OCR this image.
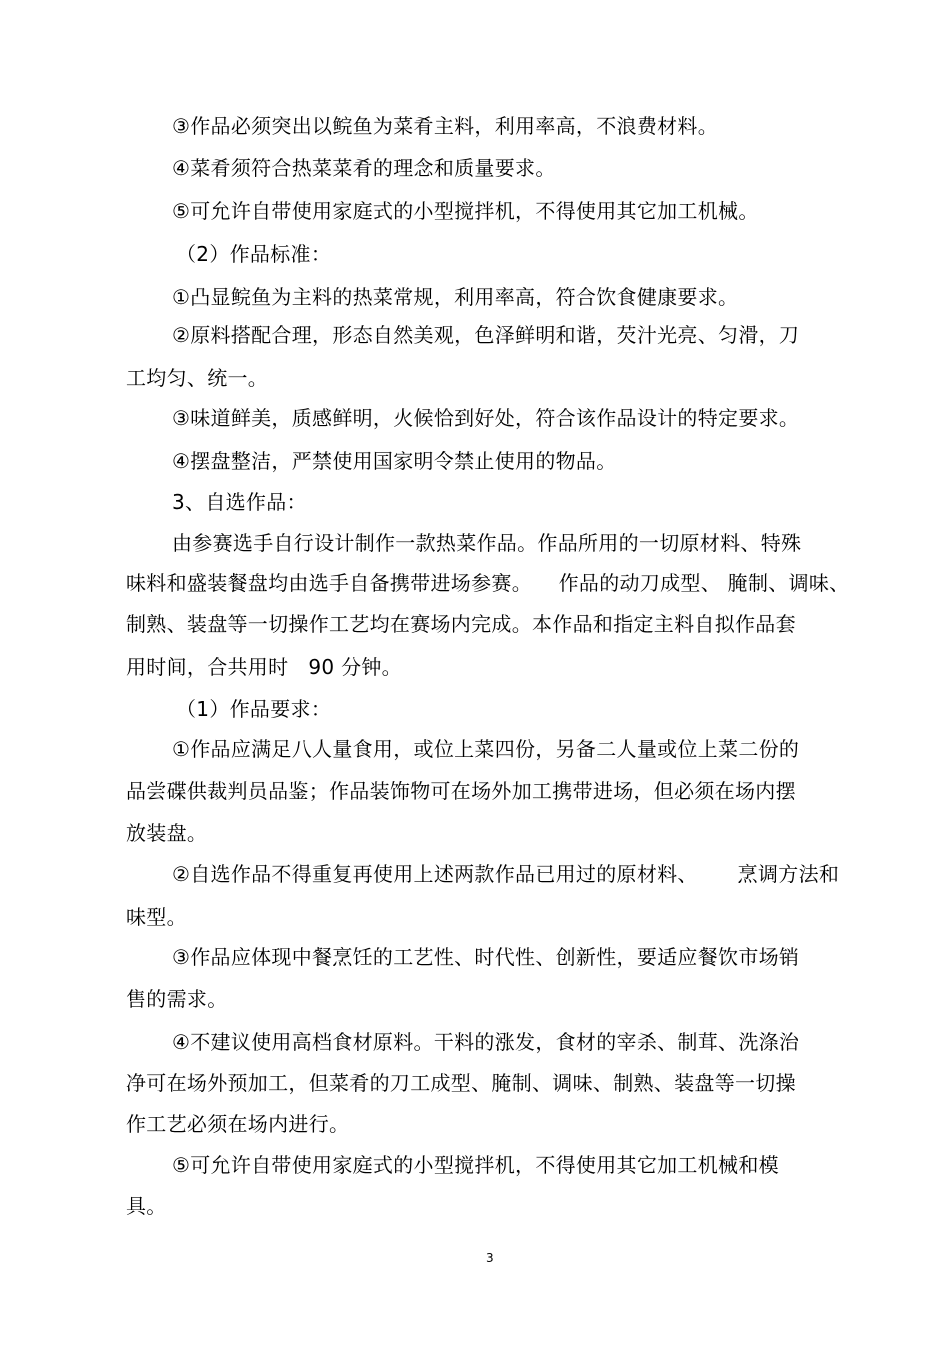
③作品必须突出以鲩鱼为菜肴主料，利用率高，不浪费材料。
④菜肴须符合热菜菜肴的理念和质量要求。
⑤可允许自带使用家庭式的小型搅拌机，不得使用其它加工机械。
（2）作品标准：
①凸显鲩鱼为主料的热菜常规，利用率高，符合饮食健康要求。
②原料搭配合理，形态自然美观，色泽鲜明和谐，芡汁光亮、匀滑，刀
工均匀、统一。
③味道鲜美，质感鲜明，火候恰到好处，符合该作品设计的特定要求。
④摆盘整洁，严禁使用国家明令禁止使用的物品。
3、自选作品：
由参赛选手自行设计制作一款热菜作品。作品所用的一切原材料、特殊
味料和盛装餐盘均由选手自备携带进场参赛。    作品的动刀成型、 腌制、调味、
制熟、装盘等一切操作工艺均在赛场内完成。本作品和指定主料自拟作品套
用时间，合共用时   90 分钟。
（1）作品要求：
①作品应满足八人量食用，或位上菜四份，另备二人量或位上菜二份的
品尝碟供裁判员品鉴；作品装饰物可在场外加工携带进场，但必须在场内摆
放装盘。
②自选作品不得重复再使用上述两款作品已用过的原材料、      烹调方法和
味型。
③作品应体现中餐烹饪的工艺性、时代性、创新性，要适应餐饮市场销
售的需求。
④不建议使用高档食材原料。干料的涨发，食材的宰杀、制茸、洗涤治
净可在场外预加工，但菜肴的刀工成型、腌制、调味、制熟、装盘等一切操
作工艺必须在场内进行。
⑤可允许自带使用家庭式的小型搅拌机，不得使用其它加工机械和模
具。
3
